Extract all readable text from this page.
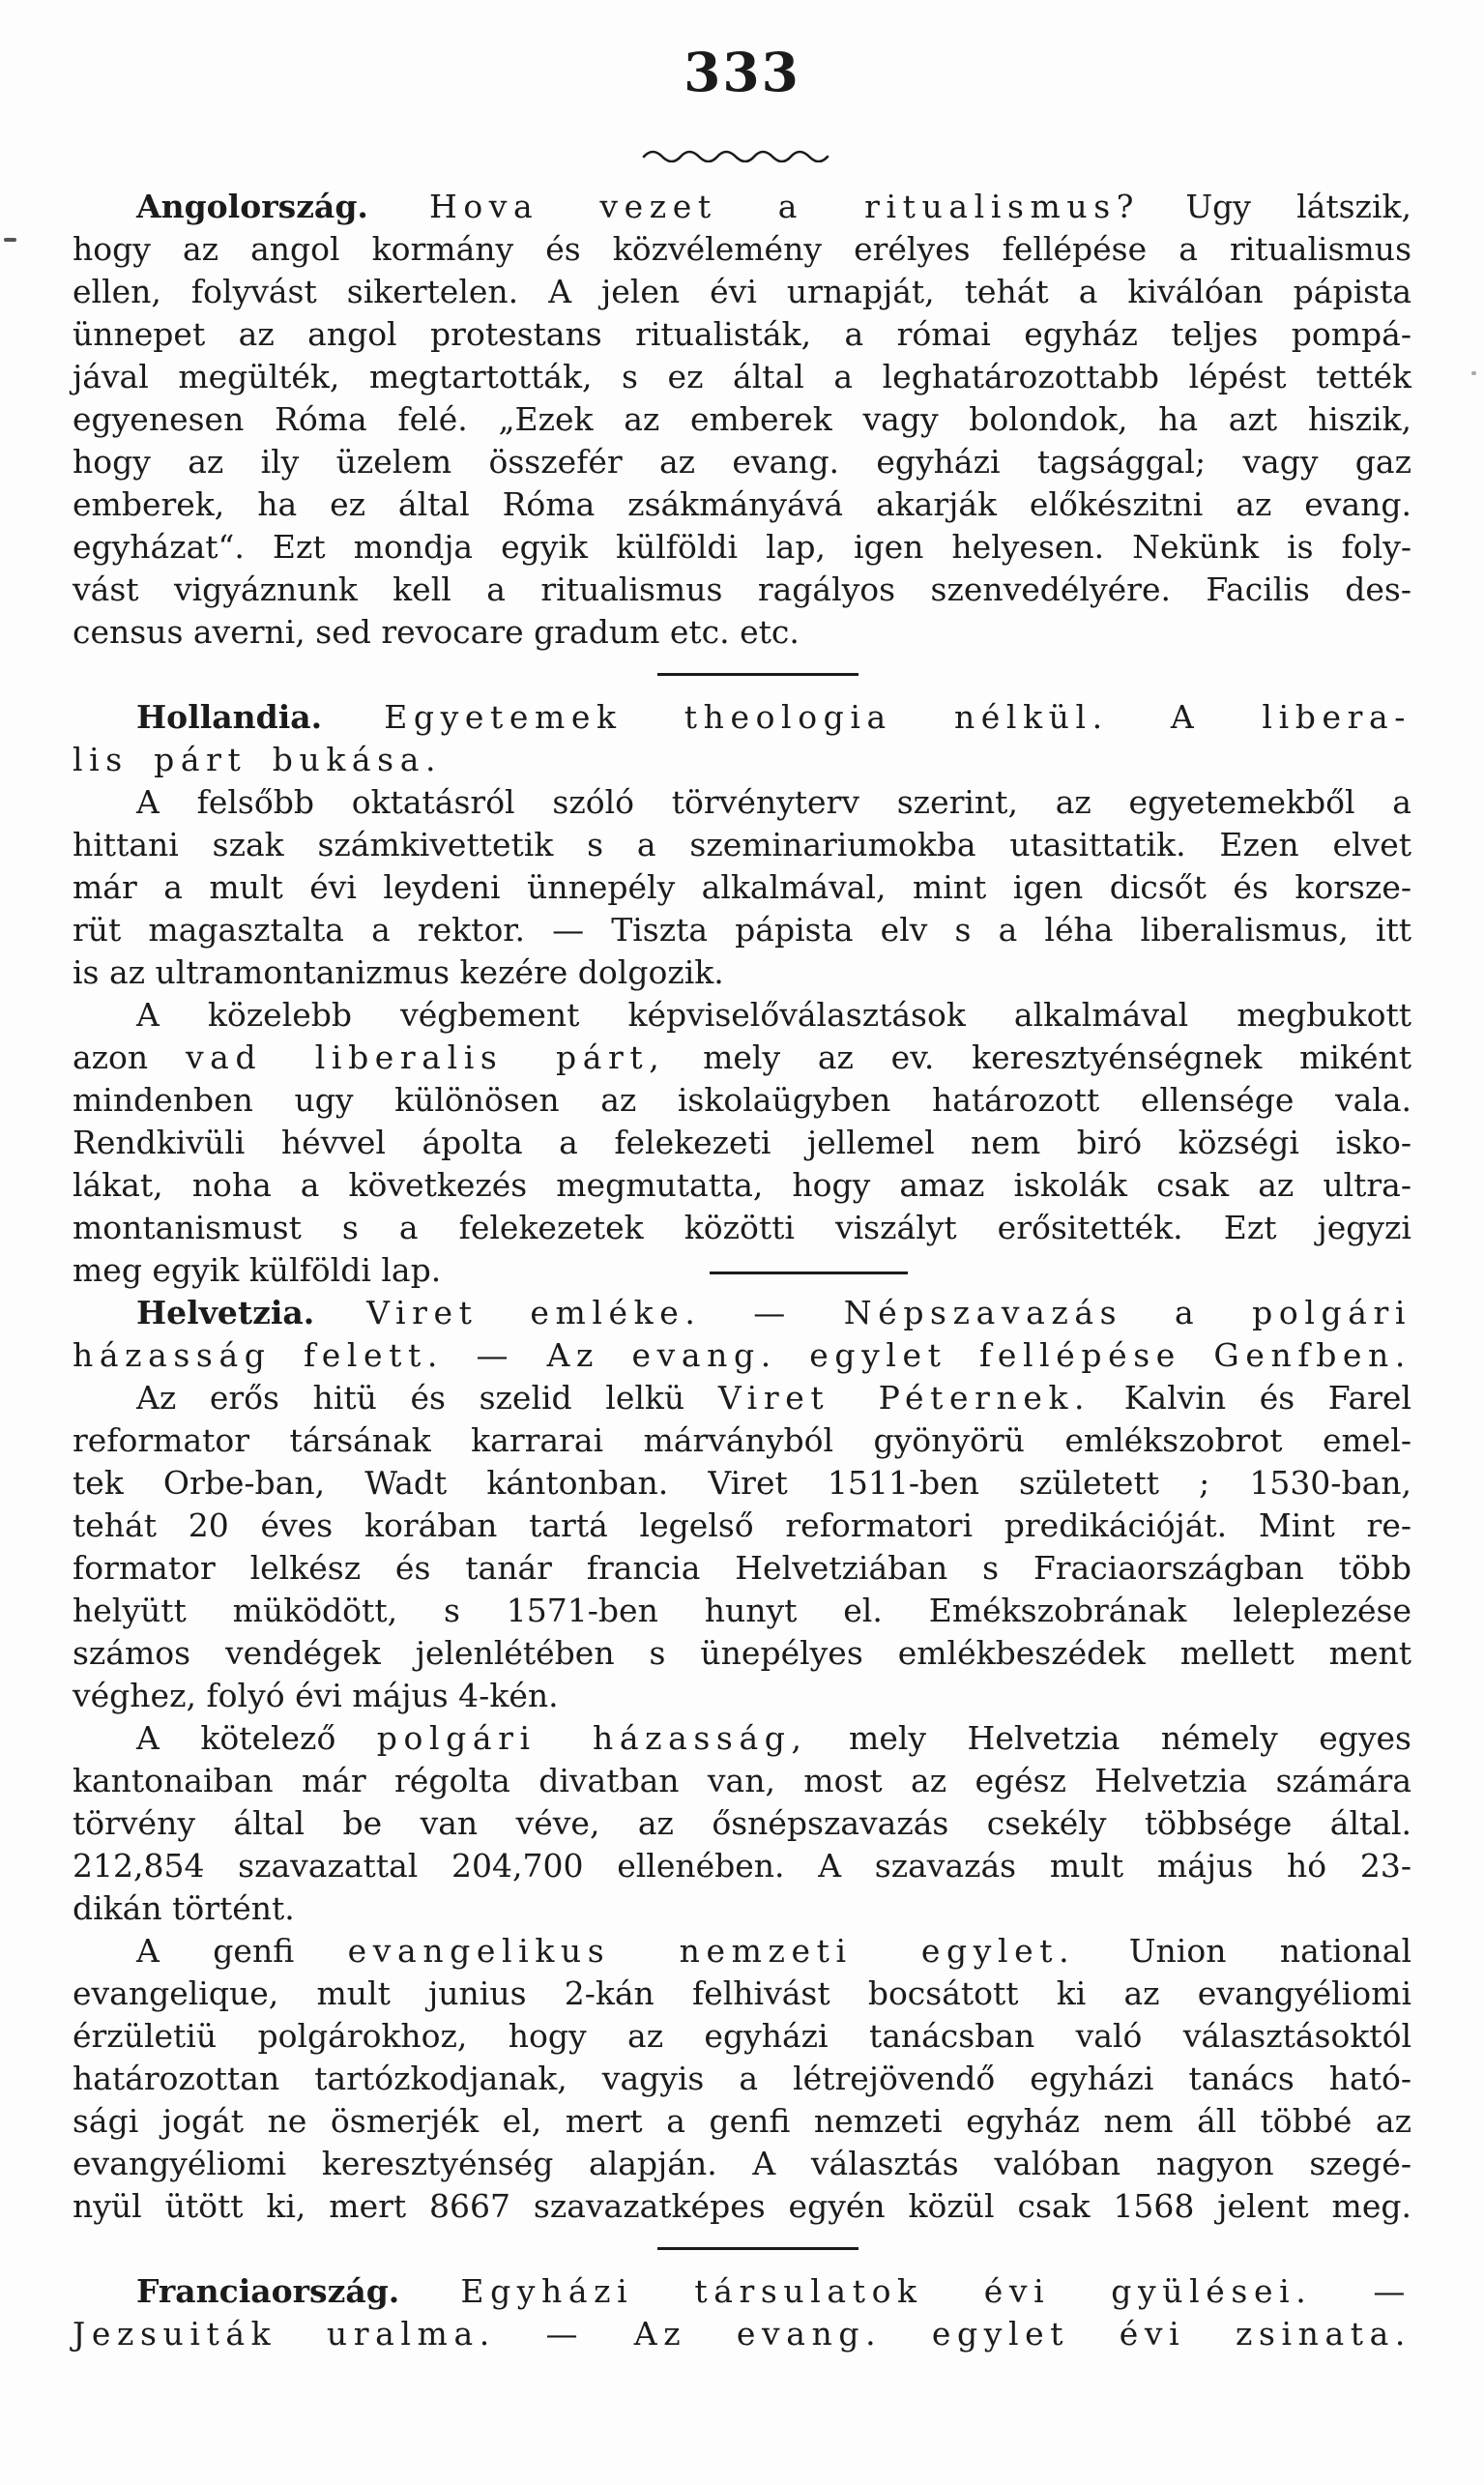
333
Angolország. Hova vezet a ritualismus? Ugy látszik,
hogy az angol kormány és közvélemény erélyes fellépése a ritualismus
ellen, folyvást sikertelen. A jelen évi urnapját, tehát a kiválóan pápista
ünnepet az angol protestans ritualisták, a római egyház teljes pompá-
jával megülték, megtartották, s ez által a leghatározottabb lépést tették
egyenesen Róma felé. „Ezek az emberek vagy bolondok, ha azt hiszik,
hogy az ily üzelem összefér az evang. egyházi tagsággal; vagy gaz
emberek, ha ez által Róma zsákmányává akarják előkészitni az evang.
egyházat“. Ezt mondja egyik külföldi lap, igen helyesen. Nekünk is foly-
vást vigyáznunk kell a ritualismus ragályos szenvedélyére. Facilis des-
census averni, sed revocare gradum etc. etc.
Hollandia. Egyetemek theologia nélkül. A libera-
lis párt bukása.
A felsőbb oktatásról szóló törvényterv szerint, az egyetemekből a
hittani szak számkivettetik s a szeminariumokba utasittatik. Ezen elvet
már a mult évi leydeni ünnepély alkalmával, mint igen dicsőt és korsze-
rüt magasztalta a rektor. — Tiszta pápista elv s a léha liberalismus, itt
is az ultramontanizmus kezére dolgozik.
A közelebb végbement képviselőválasztások alkalmával megbukott
azon vad liberalis párt, mely az ev. keresztyénségnek miként
mindenben ugy különösen az iskolaügyben határozott ellensége vala.
Rendkivüli hévvel ápolta a felekezeti jellemel nem biró községi isko-
lákat, noha a következés megmutatta, hogy amaz iskolák csak az ultra-
montanismust s a felekezetek közötti viszályt erősitették. Ezt jegyzi
meg egyik külföldi lap.
Helvetzia. Viret emléke. — Népszavazás a polgári
házasság felett. — Az evang. egylet fellépése Genfben.
Az erős hitü és szelid lelkü Viret Péternek. Kalvin és Farel
reformator társának karrarai márványból gyönyörü emlékszobrot emel-
tek Orbe-ban, Wadt kántonban. Viret 1511-ben született ; 1530-ban,
tehát 20 éves korában tartá legelső reformatori predikációját. Mint re-
formator lelkész és tanár francia Helvetziában s Fraciaországban több
helyütt müködött, s 1571-ben hunyt el. Emékszobrának leleplezése
számos vendégek jelenlétében s ünepélyes emlékbeszédek mellett ment
véghez, folyó évi május 4-kén.
A kötelező polgári házasság, mely Helvetzia némely egyes
kantonaiban már régolta divatban van, most az egész Helvetzia számára
törvény által be van véve, az ősnépszavazás csekély többsége által.
212,854 szavazattal 204,700 ellenében. A szavazás mult május hó 23-
dikán történt.
A genfi evangelikus nemzeti egylet. Union national
evangelique, mult junius 2-kán felhivást bocsátott ki az evangyéliomi
érzületiü polgárokhoz, hogy az egyházi tanácsban való választásoktól
határozottan tartózkodjanak, vagyis a létrejövendő egyházi tanács ható-
sági jogát ne ösmerjék el, mert a genfi nemzeti egyház nem áll többé az
evangyéliomi keresztyénség alapján. A választás valóban nagyon szegé-
nyül ütött ki, mert 8667 szavazatképes egyén közül csak 1568 jelent meg.
Franciaország. Egyházi társulatok évi gyülései. —
Jezsuiták uralma. — Az evang. egylet évi zsinata.
